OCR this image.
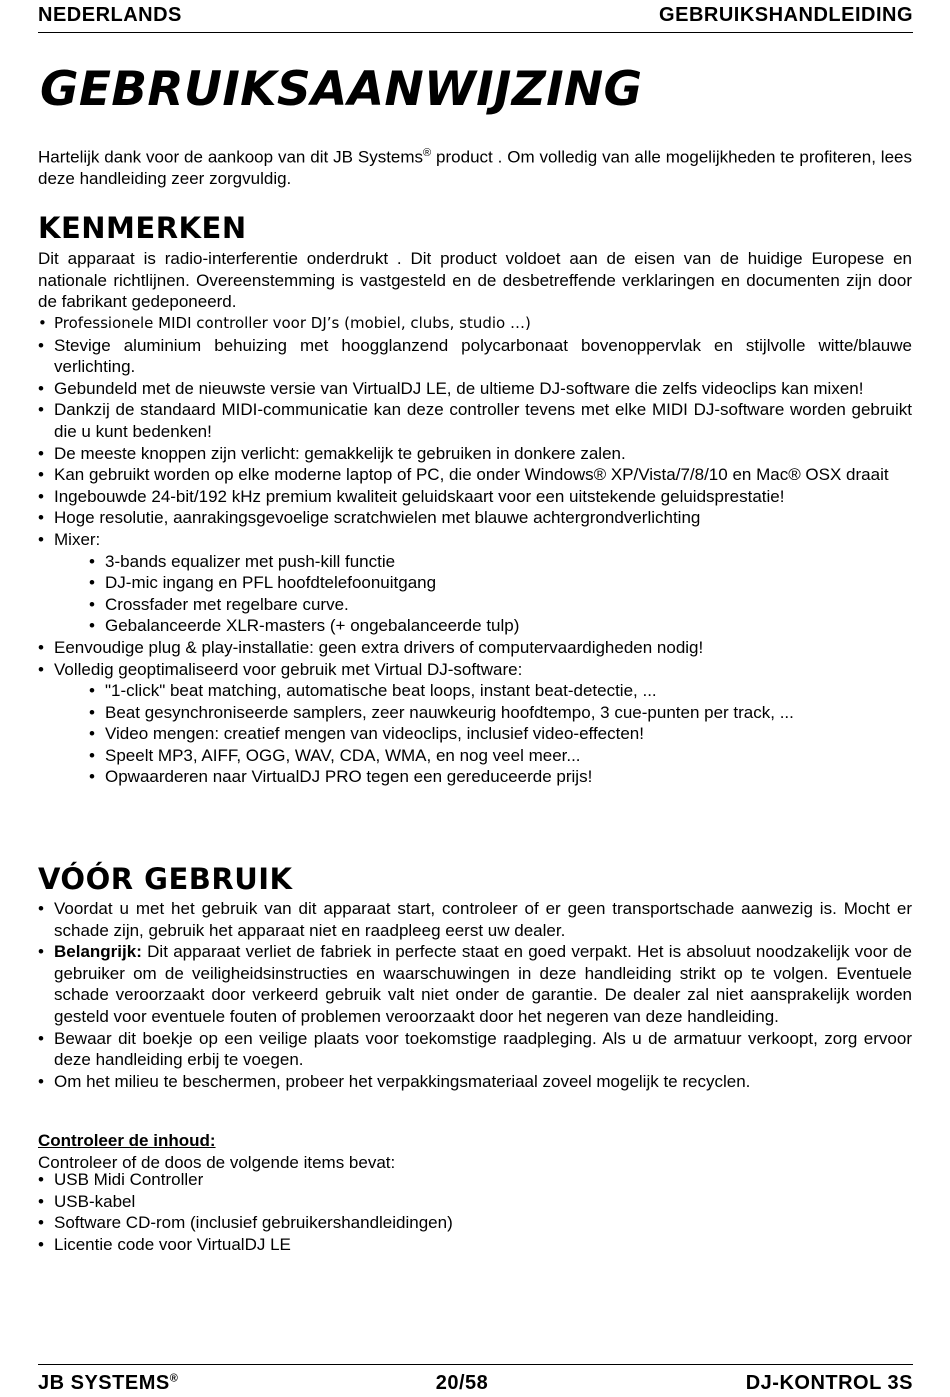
NEDERLANDS	GEBRUIKSHANDLEIDING
GEBRUIKSAANWIJZING

Hartelijk dank voor de aankoop van dit JB Systems® product . Om volledig van alle mogelijkheden te profiteren, lees deze handleiding zeer zorgvuldig.

KENMERKEN

Dit apparaat is radio-interferentie onderdrukt . Dit product voldoet aan de eisen van de huidige Europese en nationale richtlijnen. Overeenstemming is vastgesteld en de desbetreffende verklaringen en documenten zijn door de fabrikant gedeponeerd.

• Professionele MIDI controller voor DJ’s (mobiel, clubs, studio …)
• Stevige aluminium behuizing met hoogglanzend polycarbonaat bovenoppervlak en stijlvolle witte/blauwe verlichting.
• Gebundeld met de nieuwste versie van VirtualDJ LE, de ultieme DJ-software die zelfs videoclips kan mixen!
• Dankzij de standaard MIDI-communicatie kan deze controller tevens met elke MIDI DJ-software worden gebruikt die u kunt bedenken!
• De meeste knoppen zijn verlicht: gemakkelijk te gebruiken in donkere zalen.
• Kan gebruikt worden op elke moderne laptop of PC, die onder Windows® XP/Vista/7/8/10 en Mac® OSX draait
• Ingebouwde 24-bit/192 kHz premium kwaliteit geluidskaart voor een uitstekende geluidsprestatie!
• Hoge resolutie, aanrakingsgevoelige scratchwielen met blauwe achtergrondverlichting
• Mixer:
• 3-bands equalizer met push-kill functie
• DJ-mic ingang en PFL hoofdtelefoonuitgang
• Crossfader met regelbare curve.
• Gebalanceerde XLR-masters (+ ongebalanceerde tulp)
• Eenvoudige plug & play-installatie: geen extra drivers of computervaardigheden nodig!
• Volledig geoptimaliseerd voor gebruik met Virtual DJ-software:
• "1-click" beat matching, automatische beat loops, instant beat-detectie, ...
• Beat gesynchroniseerde samplers, zeer nauwkeurig hoofdtempo, 3 cue-punten per track, ...
• Video mengen: creatief mengen van videoclips, inclusief video-effecten!
• Speelt MP3, AIFF, OGG, WAV, CDA, WMA, en nog veel meer...
• Opwaarderen naar VirtualDJ PRO tegen een gereduceerde prijs!
VÓÓR GEBRUIK
• Voordat u met het gebruik van dit apparaat start, controleer of er geen transportschade aanwezig is. Mocht er schade zijn, gebruik het apparaat niet en raadpleeg eerst uw dealer.
• Belangrijk: Dit apparaat verliet de fabriek in perfecte staat en goed verpakt. Het is absoluut noodzakelijk voor de gebruiker om de veiligheidsinstructies en waarschuwingen in deze handleiding strikt op te volgen. Eventuele schade veroorzaakt door verkeerd gebruik valt niet onder de garantie. De dealer zal niet aansprakelijk worden gesteld voor eventuele fouten of problemen veroorzaakt door het negeren van deze handleiding.
• Bewaar dit boekje op een veilige plaats voor toekomstige raadpleging. Als u de armatuur verkoopt, zorg ervoor deze handleiding erbij te voegen.
• Om het milieu te beschermen, probeer het verpakkingsmateriaal zoveel mogelijk te recyclen.

Controleer de inhoud:

Controleer of de doos de volgende items bevat:

• USB Midi Controller
• USB-kabel
• Software CD-rom (inclusief gebruikershandleidingen)
• Licentie code voor VirtualDJ LE
JB SYSTEMS®	20/58	DJ-KONTROL 3S
